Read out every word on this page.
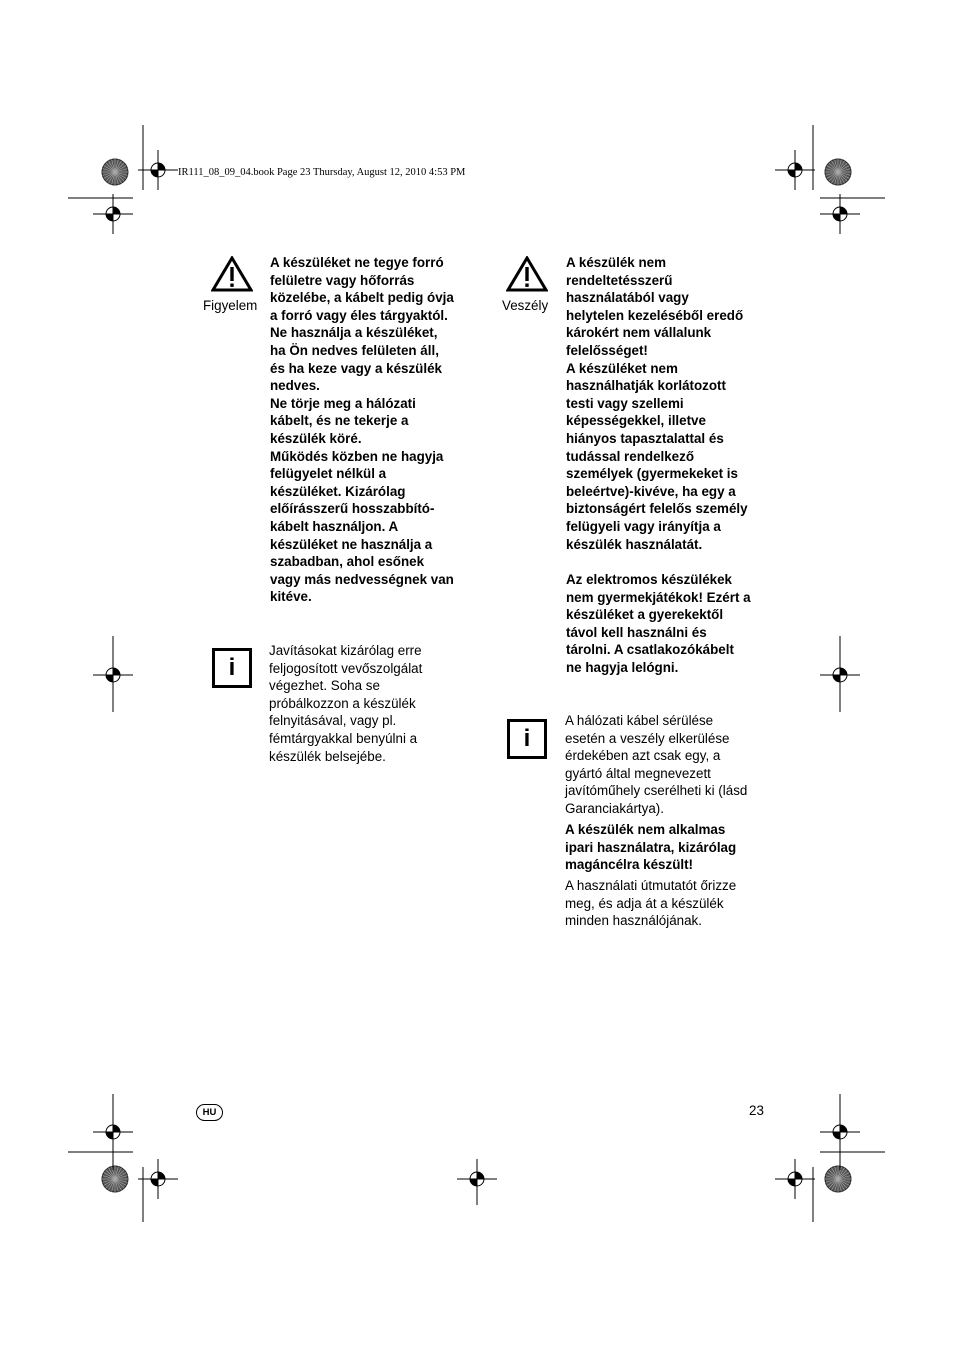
IR111_08_09_04.book Page 23 Thursday, August 12, 2010 4:53 PM
Figyelem
A készüléket ne tegye forró
felületre vagy hőforrás
közelébe, a kábelt pedig óvja
a forró vagy éles tárgyaktól.
Ne használja a készüléket,
ha Ön nedves felületen áll,
és ha keze vagy a készülék
nedves.
Ne törje meg a hálózati
kábelt, és ne tekerje a
készülék köré.
Működés közben ne hagyja
felügyelet nélkül a
készüléket. Kizárólag
előírásszerű hosszabbító-
kábelt használjon. A
készüléket ne használja a
szabadban, ahol esőnek
vagy más nedvességnek van
kitéve.
i
Javításokat kizárólag erre
feljogosított vevőszolgálat
végezhet. Soha se
próbálkozzon a készülék
felnyitásával, vagy pl.
fémtárgyakkal benyúlni a
készülék belsejébe.
Veszély
A készülék nem
rendeltetésszerű
használatából vagy
helytelen kezeléséből eredő
károkért nem vállalunk
felelősséget!
A készüléket nem
használhatják korlátozott
testi vagy szellemi
képességekkel, illetve
hiányos tapasztalattal és
tudással rendelkező
személyek (gyermekeket is
beleértve)-kivéve, ha egy a
biztonságért felelős személy
felügyeli vagy irányítja a
készülék használatát.
Az elektromos készülékek
nem gyermekjátékok! Ezért a
készüléket a gyerekektől
távol kell használni és
tárolni. A csatlakozókábelt
ne hagyja lelógni.
i
A hálózati kábel sérülése
esetén a veszély elkerülése
érdekében azt csak egy, a
gyártó által megnevezett
javítóműhely cserélheti ki (lásd
Garanciakártya).
A készülék nem alkalmas
ipari használatra, kizárólag
magáncélra készült!
A használati útmutatót őrizze
meg, és adja át a készülék
minden használójának.
HU	23
